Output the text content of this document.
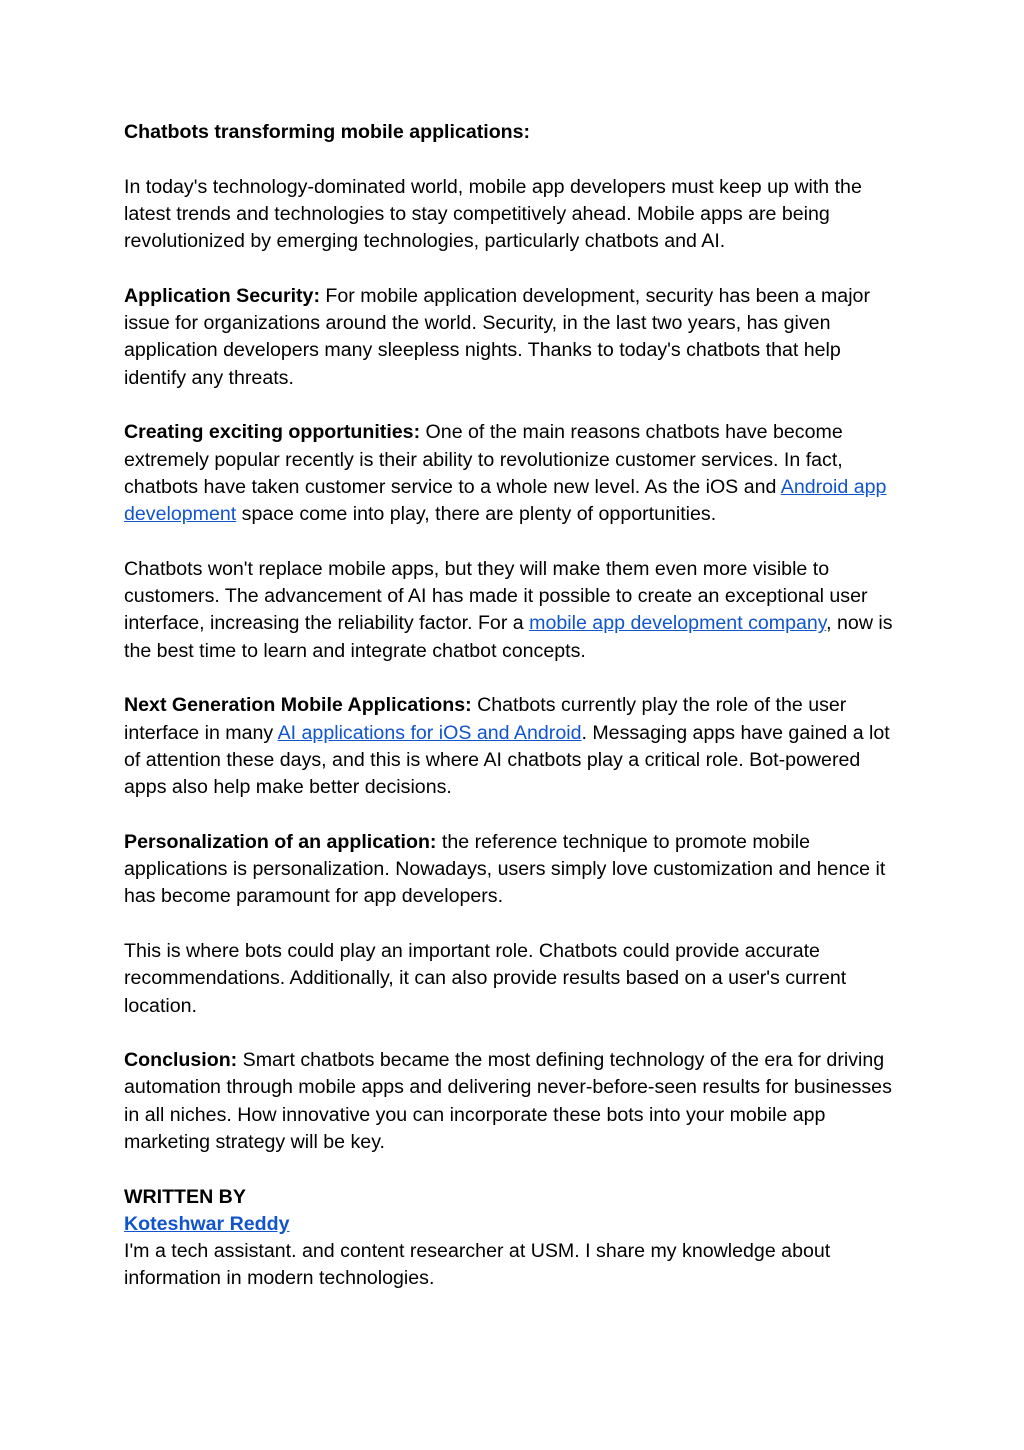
Chatbots transforming mobile applications:

In today's technology-dominated world, mobile app developers must keep up with the latest trends and technologies to stay competitively ahead. Mobile apps are being revolutionized by emerging technologies, particularly chatbots and AI.

Application Security: For mobile application development, security has been a major issue for organizations around the world. Security, in the last two years, has given application developers many sleepless nights. Thanks to today's chatbots that help identify any threats.

Creating exciting opportunities: One of the main reasons chatbots have become extremely popular recently is their ability to revolutionize customer services. In fact, chatbots have taken customer service to a whole new level. As the iOS and Android app development space come into play, there are plenty of opportunities.

Chatbots won't replace mobile apps, but they will make them even more visible to customers. The advancement of AI has made it possible to create an exceptional user interface, increasing the reliability factor. For a mobile app development company, now is the best time to learn and integrate chatbot concepts.

Next Generation Mobile Applications: Chatbots currently play the role of the user interface in many AI applications for iOS and Android. Messaging apps have gained a lot of attention these days, and this is where AI chatbots play a critical role. Bot-powered apps also help make better decisions.

Personalization of an application: the reference technique to promote mobile applications is personalization. Nowadays, users simply love customization and hence it has become paramount for app developers.

This is where bots could play an important role. Chatbots could provide accurate recommendations. Additionally, it can also provide results based on a user's current location.

Conclusion: Smart chatbots became the most defining technology of the era for driving automation through mobile apps and delivering never-before-seen results for businesses in all niches. How innovative you can incorporate these bots into your mobile app marketing strategy will be key.

WRITTEN BY

Koteshwar Reddy

I'm a tech assistant. and content researcher at USM. I share my knowledge about information in modern technologies.
